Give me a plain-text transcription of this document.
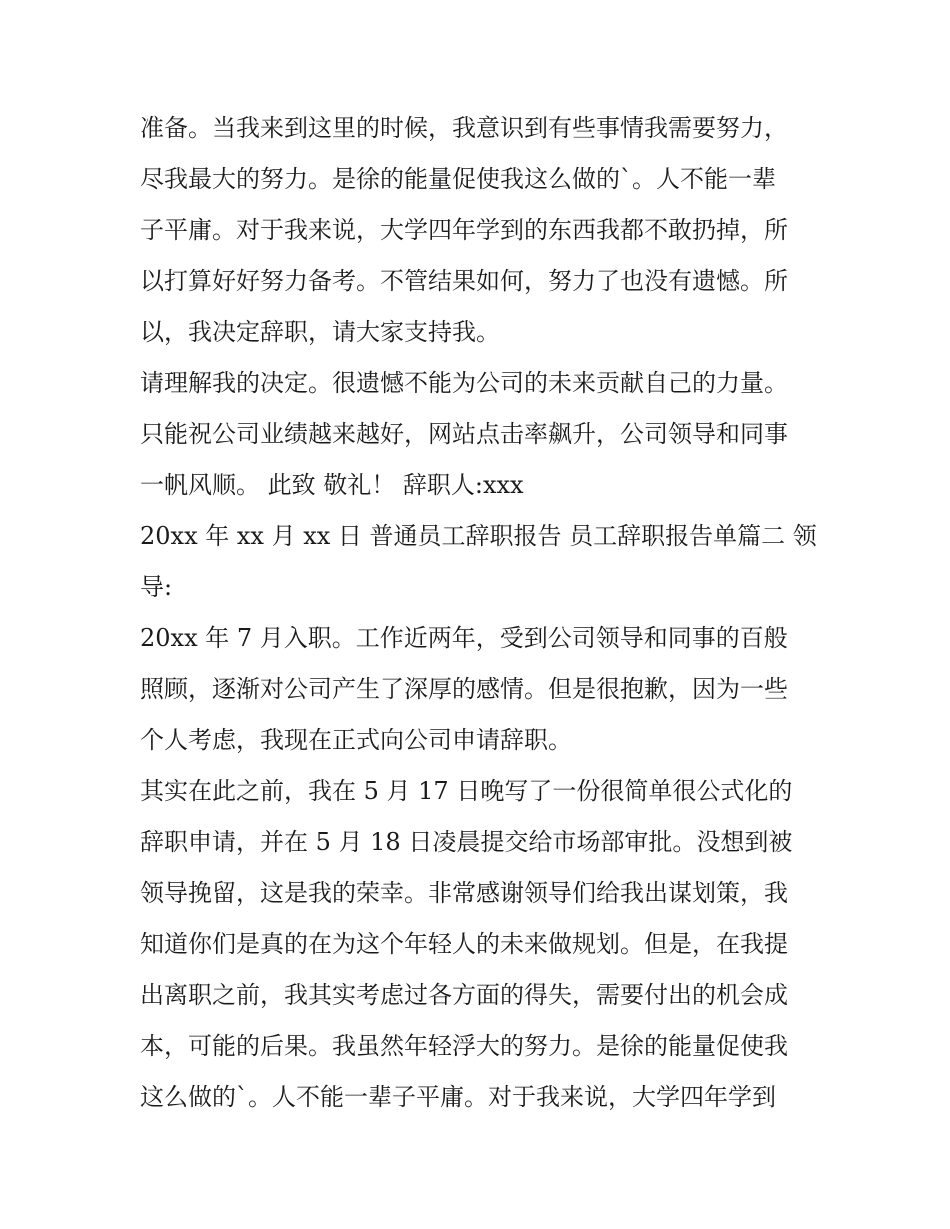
准备。当我来到这里的时候，我意识到有些事情我需要努力，
尽我最大的努力。是徐的能量促使我这么做的`。人不能一辈
子平庸。对于我来说，大学四年学到的东西我都不敢扔掉，所
以打算好好努力备考。不管结果如何，努力了也没有遗憾。所
以，我决定辞职，请大家支持我。
请理解我的决定。很遗憾不能为公司的未来贡献自己的力量。
只能祝公司业绩越来越好，网站点击率飙升，公司领导和同事
一帆风顺。 此致 敬礼！ 辞职人:xxx
20xx 年 xx 月 xx 日 普通员工辞职报告 员工辞职报告单篇二 领
导:
20xx 年 7 月入职。工作近两年，受到公司领导和同事的百般
照顾，逐渐对公司产生了深厚的感情。但是很抱歉，因为一些
个人考虑，我现在正式向公司申请辞职。
其实在此之前，我在 5 月 17 日晚写了一份很简单很公式化的
辞职申请，并在 5 月 18 日凌晨提交给市场部审批。没想到被
领导挽留，这是我的荣幸。非常感谢领导们给我出谋划策，我
知道你们是真的在为这个年轻人的未来做规划。但是，在我提
出离职之前，我其实考虑过各方面的得失，需要付出的机会成
本，可能的后果。我虽然年轻浮大的努力。是徐的能量促使我
这么做的`。人不能一辈子平庸。对于我来说，大学四年学到
